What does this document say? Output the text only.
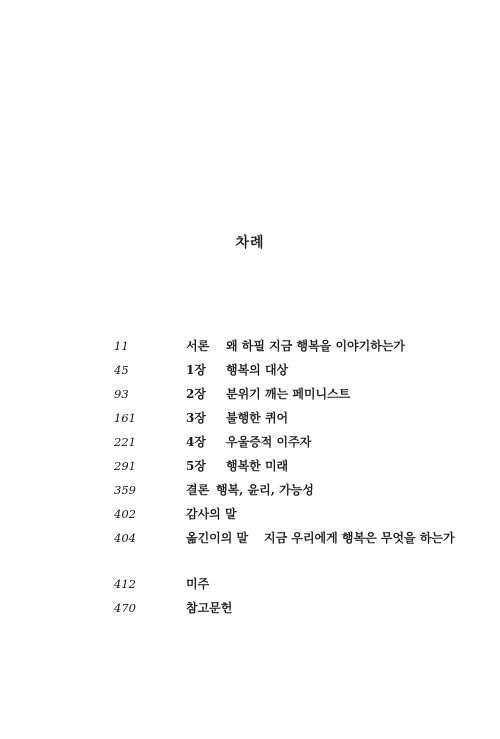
차례
11	서론 왜 하필 지금 행복을 이야기하는가
45	1장 행복의 대상
93	2장 분위기 깨는 페미니스트
161	3장 불행한 퀴어
221	4장 우울증적 이주자
291	5장 행복한 미래
359	결론 행복, 윤리, 가능성
402	감사의 말
404	옮긴이의 말 지금 우리에게 행복은 무엇을 하는가
412	미주
470	참고문헌
